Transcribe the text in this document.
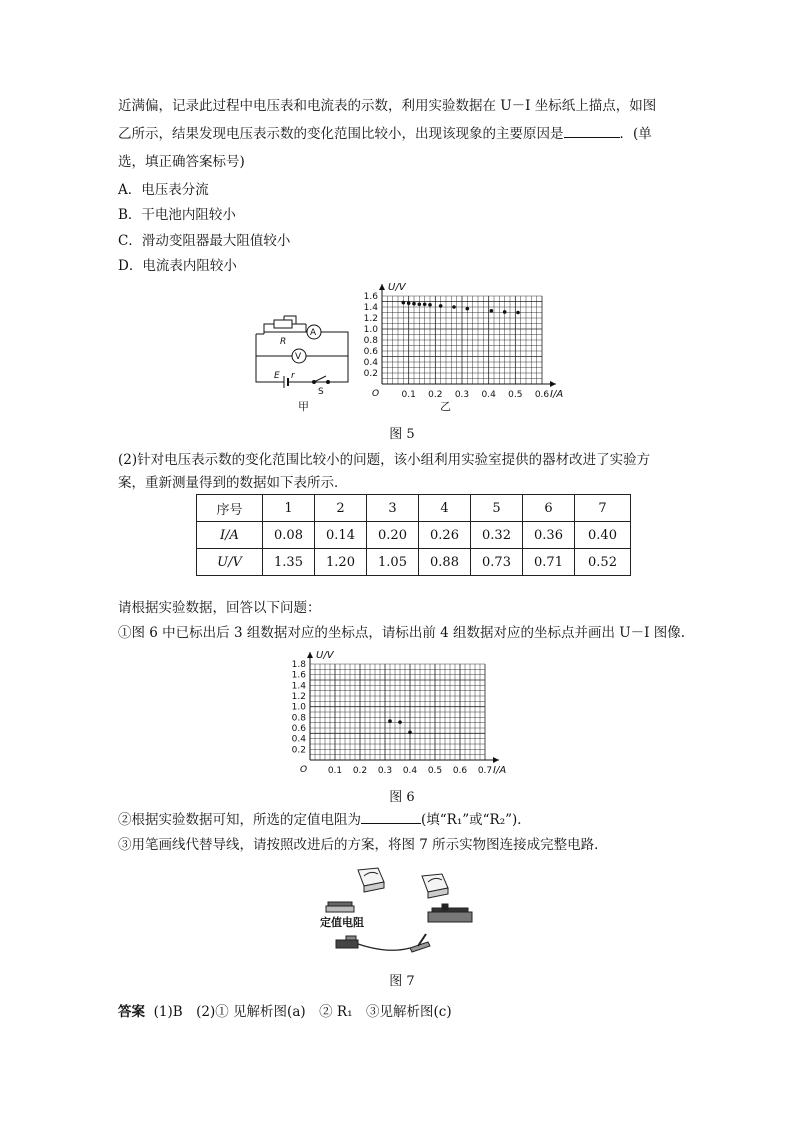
近满偏，记录此过程中电压表和电流表的示数，利用实验数据在 U－I 坐标纸上描点，如图
乙所示，结果发现电压表示数的变化范围比较小，出现该现象的主要原因是	．(单
选，填正确答案标号)
A．电压表分流
B．干电池内阻较小
C．滑动变阻器最大阻值较小
D．电流表内阻较小
A
V
R
E r
S
甲
0.1 0.2 0.3 0.4 0.5 0.6
0.2
0.4
0.6
0.8
1.0
1.2
1.4
1.6
O	I/A
U/V
乙
图 5
(2)针对电压表示数的变化范围比较小的问题，该小组利用实验室提供的器材改进了实验方
案，重新测量得到的数据如下表所示．
序号	1	2	3	4	5	6	7
I/A	0.08	0.14	0.20	0.26	0.32	0.36	0.40
U/V	1.35	1.20	1.05	0.88	0.73	0.71	0.52
请根据实验数据，回答以下问题：
①图 6 中已标出后 3 组数据对应的坐标点，请标出前 4 组数据对应的坐标点并画出 U－I 图像.
0.1 0.2 0.3 0.4 0.5 0.6 0.7
0.2
0.4
0.6
0.8
1.0
1.2
1.4
1.6
1.8
O	I/A
U/V
图 6
②根据实验数据可知，所选的定值电阻为	(填“R₁”或“R₂”)．
③用笔画线代替导线，请按照改进后的方案，将图 7 所示实物图连接成完整电路．
定值电阻
图 7
答案 (1)B　(2)① 见解析图(a)　② R₁　③见解析图(c)
